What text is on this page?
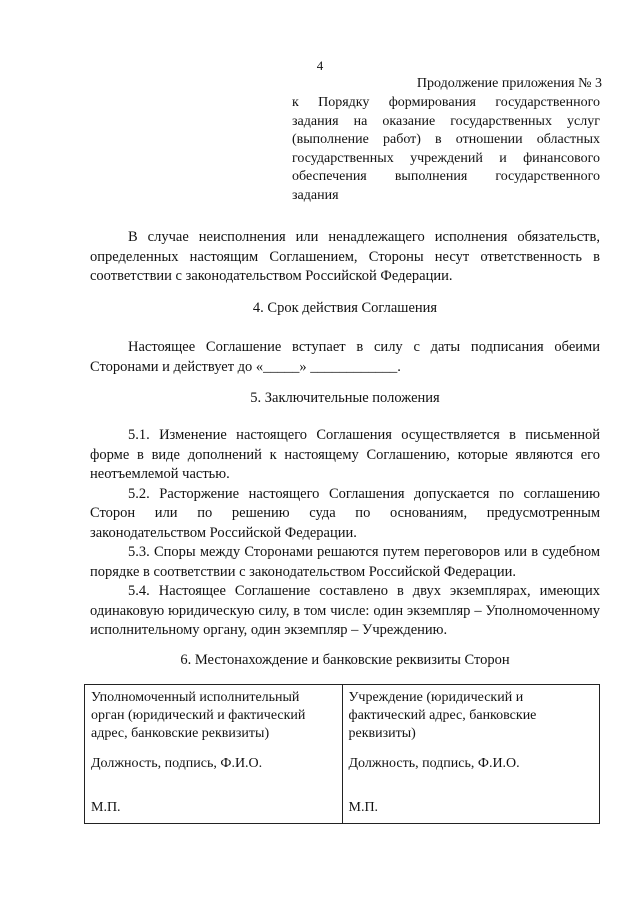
4
Продолжение приложения № 3
к Порядку формирования государственного задания на оказание государственных услуг (выполнение работ) в отношении областных государственных учреждений и финансового обеспечения выполнения государственного задания

В случае неисполнения или ненадлежащего исполнения обязательств, определенных настоящим Соглашением, Стороны несут ответственность в соответствии с законодательством Российской Федерации.

4. Срок действия Соглашения

Настоящее Соглашение вступает в силу с даты подписания обеими Сторонами и действует до «_____» ____________.

5. Заключительные положения

5.1. Изменение настоящего Соглашения осуществляется в письменной форме в виде дополнений к настоящему Соглашению, которые являются его неотъемлемой частью.

5.2. Расторжение настоящего Соглашения допускается по соглашению Сторон или по решению суда по основаниям, предусмотренным законодательством Российской Федерации.

5.3. Споры между Сторонами решаются путем переговоров или в судебном порядке в соответствии с законодательством Российской Федерации.

5.4. Настоящее Соглашение составлено в двух экземплярах, имеющих одинаковую юридическую силу, в том числе: один экземпляр – Уполномоченному исполнительному органу, один экземпляр – Учреждению.

6. Местонахождение и банковские реквизиты Сторон

Уполномоченный исполнительный орган (юридический и фактический адрес, банковские реквизиты)

Должность, подпись, Ф.И.О.

М.П.

Учреждение (юридический и фактический адрес, банковские реквизиты)

Должность, подпись, Ф.И.О.

М.П.
